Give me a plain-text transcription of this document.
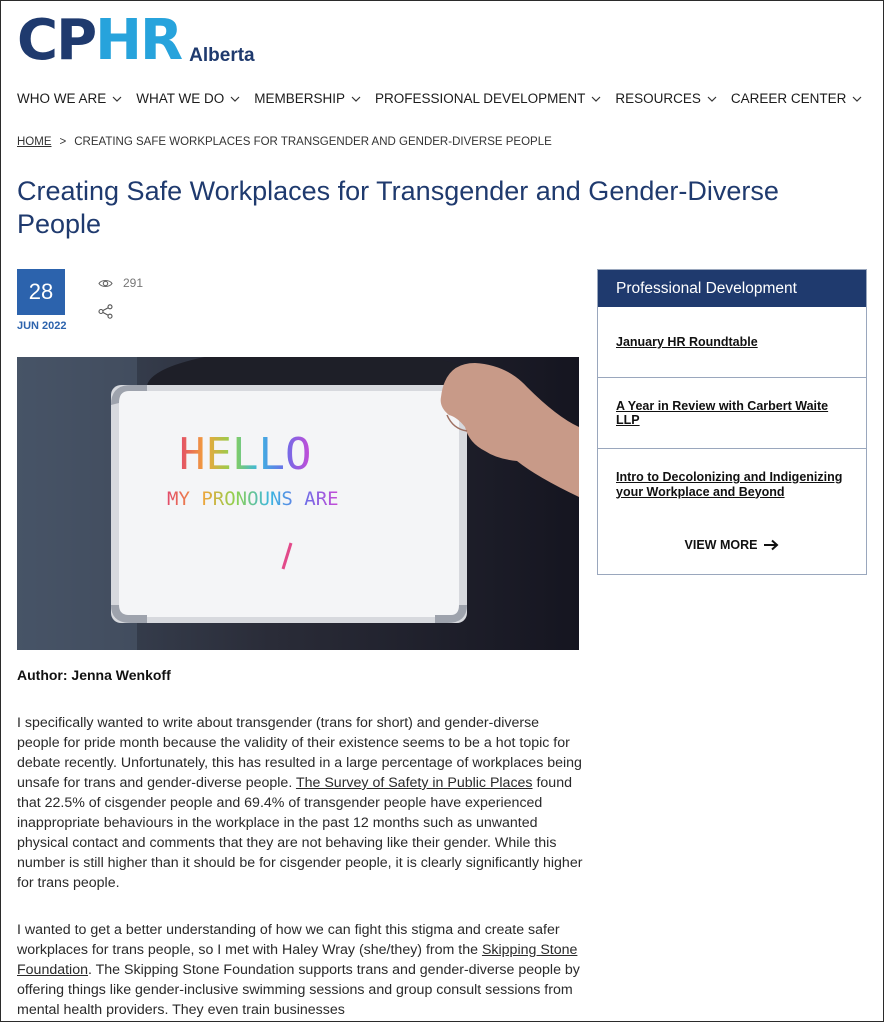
CP HR Alberta
WHO WE ARE WHAT WE DO MEMBERSHIP PROFESSIONAL DEVELOPMENT RESOURCES CAREER CENTER
HOME > CREATING SAFE WORKPLACES FOR TRANSGENDER AND GENDER-DIVERSE PEOPLE
Creating Safe Workplaces for Transgender and Gender-Diverse People
28
JUN 2022
291
HELLO
MY PRONOUNS ARE
Author: Jenna Wenkoff

I specifically wanted to write about transgender (trans for short) and gender-diverse people for pride month because the validity of their existence seems to be a hot topic for debate recently. Unfortunately, this has resulted in a large percentage of workplaces being unsafe for trans and gender-diverse people. The Survey of Safety in Public Places found that 22.5% of cisgender people and 69.4% of transgender people have experienced inappropriate behaviours in the workplace in the past 12 months such as unwanted physical contact and comments that they are not behaving like their gender. While this number is still higher than it should be for cisgender people, it is clearly significantly higher for trans people.

I wanted to get a better understanding of how we can fight this stigma and create safer workplaces for trans people, so I met with Haley Wray (she/they) from the Skipping Stone Foundation. The Skipping Stone Foundation supports trans and gender-diverse people by offering things like gender-inclusive swimming sessions and group consult sessions from mental health providers. They even train businesses

Professional Development
January HR Roundtable
A Year in Review with Carbert Waite LLP
Intro to Decolonizing and Indigenizing your Workplace and Beyond
VIEW MORE
